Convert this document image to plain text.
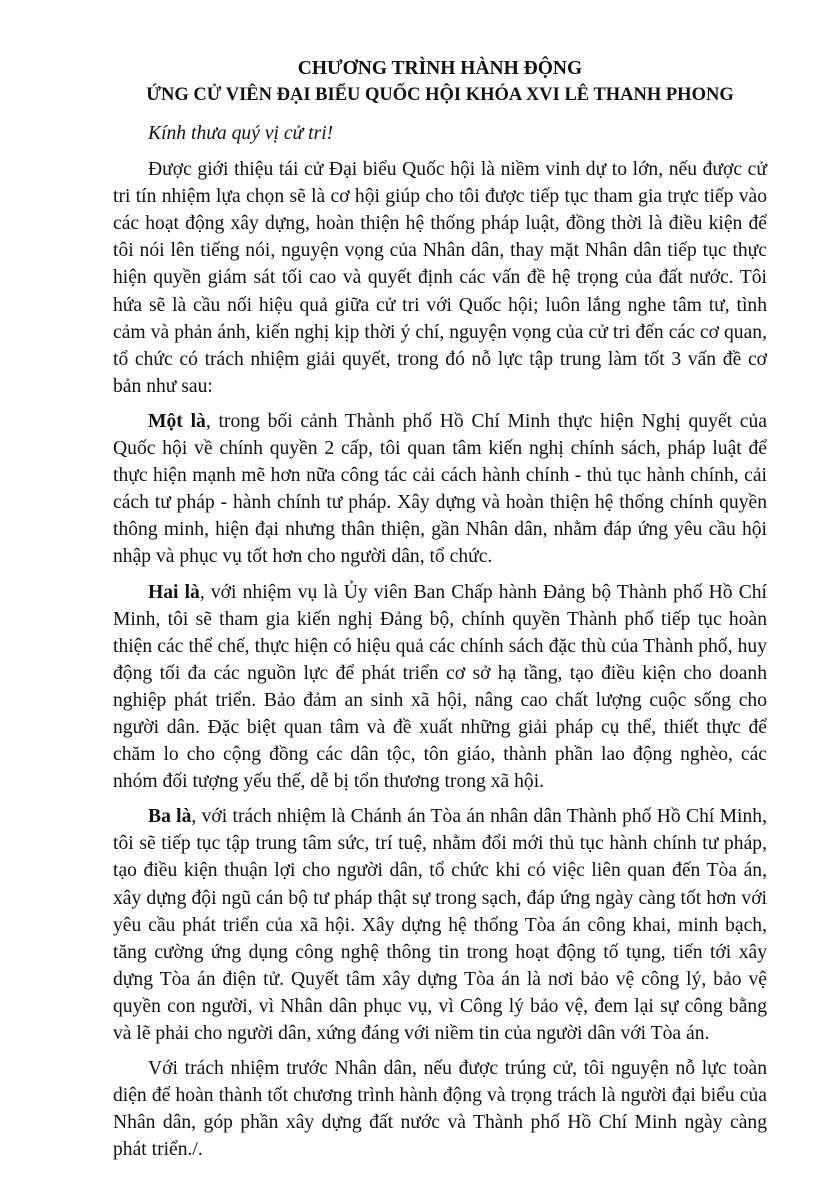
CHƯƠNG TRÌNH HÀNH ĐỘNG

ỨNG CỬ VIÊN ĐẠI BIỂU QUỐC HỘI KHÓA XVI LÊ THANH PHONG

Kính thưa quý vị cử tri!

Được giới thiệu tái cử Đại biểu Quốc hội là niềm vinh dự to lớn, nếu được cử tri tín nhiệm lựa chọn sẽ là cơ hội giúp cho tôi được tiếp tục tham gia trực tiếp vào các hoạt động xây dựng, hoàn thiện hệ thống pháp luật, đồng thời là điều kiện để tôi nói lên tiếng nói, nguyện vọng của Nhân dân, thay mặt Nhân dân tiếp tục thực hiện quyền giám sát tối cao và quyết định các vấn đề hệ trọng của đất nước. Tôi hứa sẽ là cầu nối hiệu quả giữa cử tri với Quốc hội; luôn lắng nghe tâm tư, tình cảm và phản ánh, kiến nghị kịp thời ý chí, nguyện vọng của cử tri đến các cơ quan, tổ chức có trách nhiệm giải quyết, trong đó nỗ lực tập trung làm tốt 3 vấn đề cơ bản như sau:

Một là, trong bối cảnh Thành phố Hồ Chí Minh thực hiện Nghị quyết của Quốc hội về chính quyền 2 cấp, tôi quan tâm kiến nghị chính sách, pháp luật để thực hiện mạnh mẽ hơn nữa công tác cải cách hành chính - thủ tục hành chính, cải cách tư pháp - hành chính tư pháp. Xây dựng và hoàn thiện hệ thống chính quyền thông minh, hiện đại nhưng thân thiện, gần Nhân dân, nhằm đáp ứng yêu cầu hội nhập và phục vụ tốt hơn cho người dân, tổ chức.

Hai là, với nhiệm vụ là Ủy viên Ban Chấp hành Đảng bộ Thành phố Hồ Chí Minh, tôi sẽ tham gia kiến nghị Đảng bộ, chính quyền Thành phố tiếp tục hoàn thiện các thể chế, thực hiện có hiệu quả các chính sách đặc thù của Thành phố, huy động tối đa các nguồn lực để phát triển cơ sở hạ tầng, tạo điều kiện cho doanh nghiệp phát triển. Bảo đảm an sinh xã hội, nâng cao chất lượng cuộc sống cho người dân. Đặc biệt quan tâm và đề xuất những giải pháp cụ thể, thiết thực để chăm lo cho cộng đồng các dân tộc, tôn giáo, thành phần lao động nghèo, các nhóm đối tượng yếu thế, dễ bị tổn thương trong xã hội.

Ba là, với trách nhiệm là Chánh án Tòa án nhân dân Thành phố Hồ Chí Minh, tôi sẽ tiếp tục tập trung tâm sức, trí tuệ, nhằm đổi mới thủ tục hành chính tư pháp, tạo điều kiện thuận lợi cho người dân, tổ chức khi có việc liên quan đến Tòa án, xây dựng đội ngũ cán bộ tư pháp thật sự trong sạch, đáp ứng ngày càng tốt hơn với yêu cầu phát triển của xã hội. Xây dựng hệ thống Tòa án công khai, minh bạch, tăng cường ứng dụng công nghệ thông tin trong hoạt động tố tụng, tiến tới xây dựng Tòa án điện tử. Quyết tâm xây dựng Tòa án là nơi bảo vệ công lý, bảo vệ quyền con người, vì Nhân dân phục vụ, vì Công lý bảo vệ, đem lại sự công bằng và lẽ phải cho người dân, xứng đáng với niềm tin của người dân với Tòa án.

Với trách nhiệm trước Nhân dân, nếu được trúng cử, tôi nguyện nỗ lực toàn diện để hoàn thành tốt chương trình hành động và trọng trách là người đại biểu của Nhân dân, góp phần xây dựng đất nước và Thành phố Hồ Chí Minh ngày càng phát triển./.
